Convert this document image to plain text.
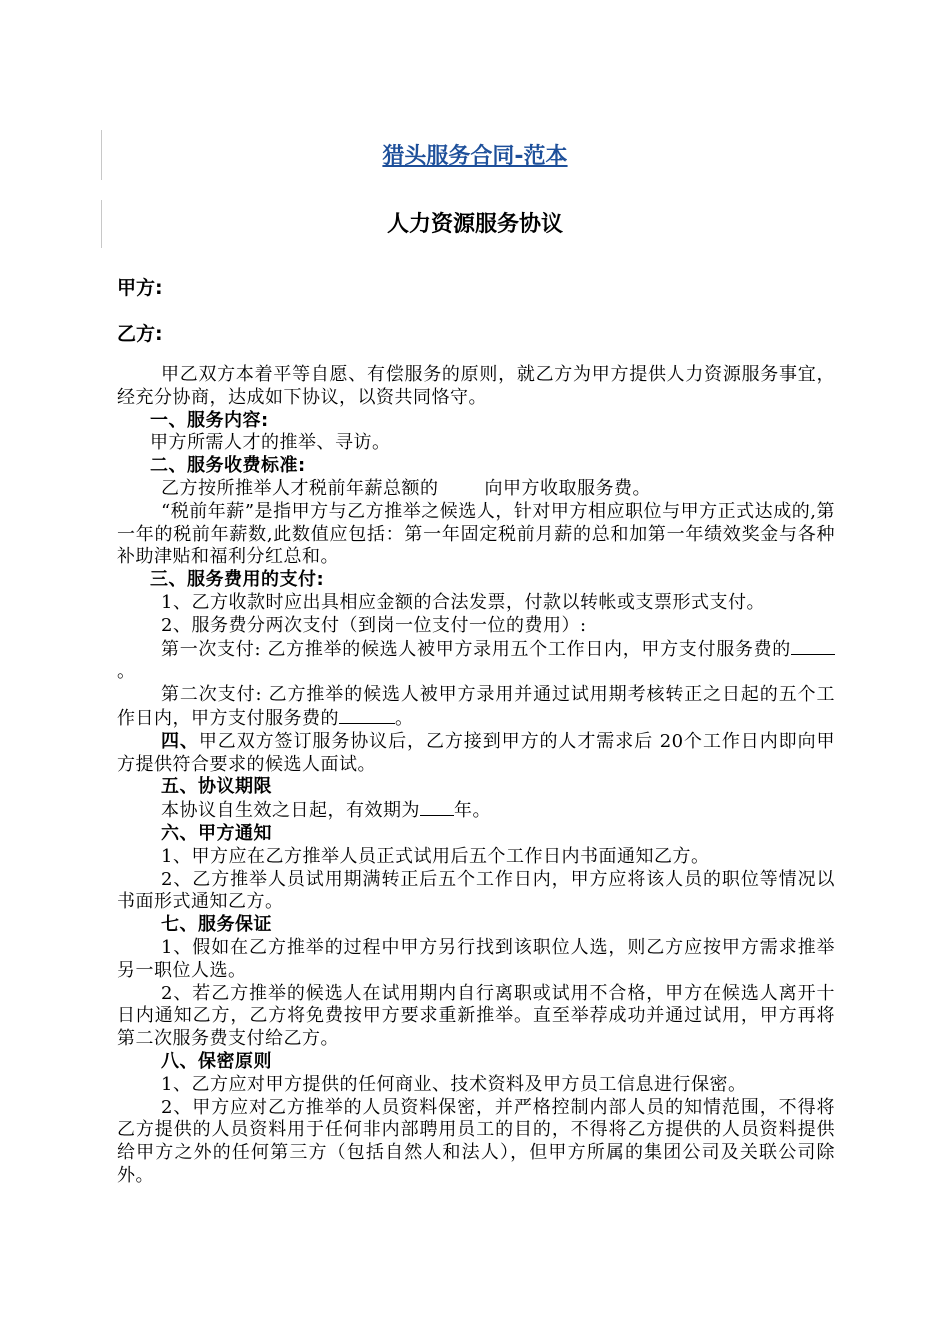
猎头服务合同-范本
人力资源服务协议
甲方:
乙方:

甲乙双方本着平等自愿、有偿服务的原则，就乙方为甲方提供人力资源服务事宜，经充分协商，达成如下协议，以资共同恪守。

一、服务内容:

甲方所需人才的推举、寻访。

二、服务收费标准:

乙方按所推举人才税前年薪总额的	向甲方收取服务费。

“税前年薪”是指甲方与乙方推举之候选人，针对甲方相应职位与甲方正式达成的,第一年的税前年薪数,此数值应包括：第一年固定税前月薪的总和加第一年绩效奖金与各种补助津贴和福利分红总和。

三、服务费用的支付:

1、乙方收款时应出具相应金额的合法发票，付款以转帐或支票形式支付。

2、服务费分两次支付（到岗一位支付一位的费用）:

第一次支付: 乙方推举的候选人被甲方录用五个工作日内，甲方支付服务费的。

第二次支付: 乙方推举的候选人被甲方录用并通过试用期考核转正之日起的五个工作日内，甲方支付服务费的	。

四、甲乙双方签订服务协议后，乙方接到甲方的人才需求后 20个工作日内即向甲方提供符合要求的候选人面试。

五、协议期限

本协议自生效之日起，有效期为 年。

六、甲方通知

1、甲方应在乙方推举人员正式试用后五个工作日内书面通知乙方。

2、乙方推举人员试用期满转正后五个工作日内，甲方应将该人员的职位等情况以书面形式通知乙方。

七、服务保证

1、假如在乙方推举的过程中甲方另行找到该职位人选，则乙方应按甲方需求推举另一职位人选。

2、若乙方推举的候选人在试用期内自行离职或试用不合格，甲方在候选人离开十日内通知乙方，乙方将免费按甲方要求重新推举。直至举荐成功并通过试用，甲方再将第二次服务费支付给乙方。

八、保密原则

1、乙方应对甲方提供的任何商业、技术资料及甲方员工信息进行保密。

2、甲方应对乙方推举的人员资料保密，并严格控制内部人员的知情范围，不得将乙方提供的人员资料用于任何非内部聘用员工的目的，不得将乙方提供的人员资料提供给甲方之外的任何第三方（包括自然人和法人），但甲方所属的集团公司及关联公司除外。
